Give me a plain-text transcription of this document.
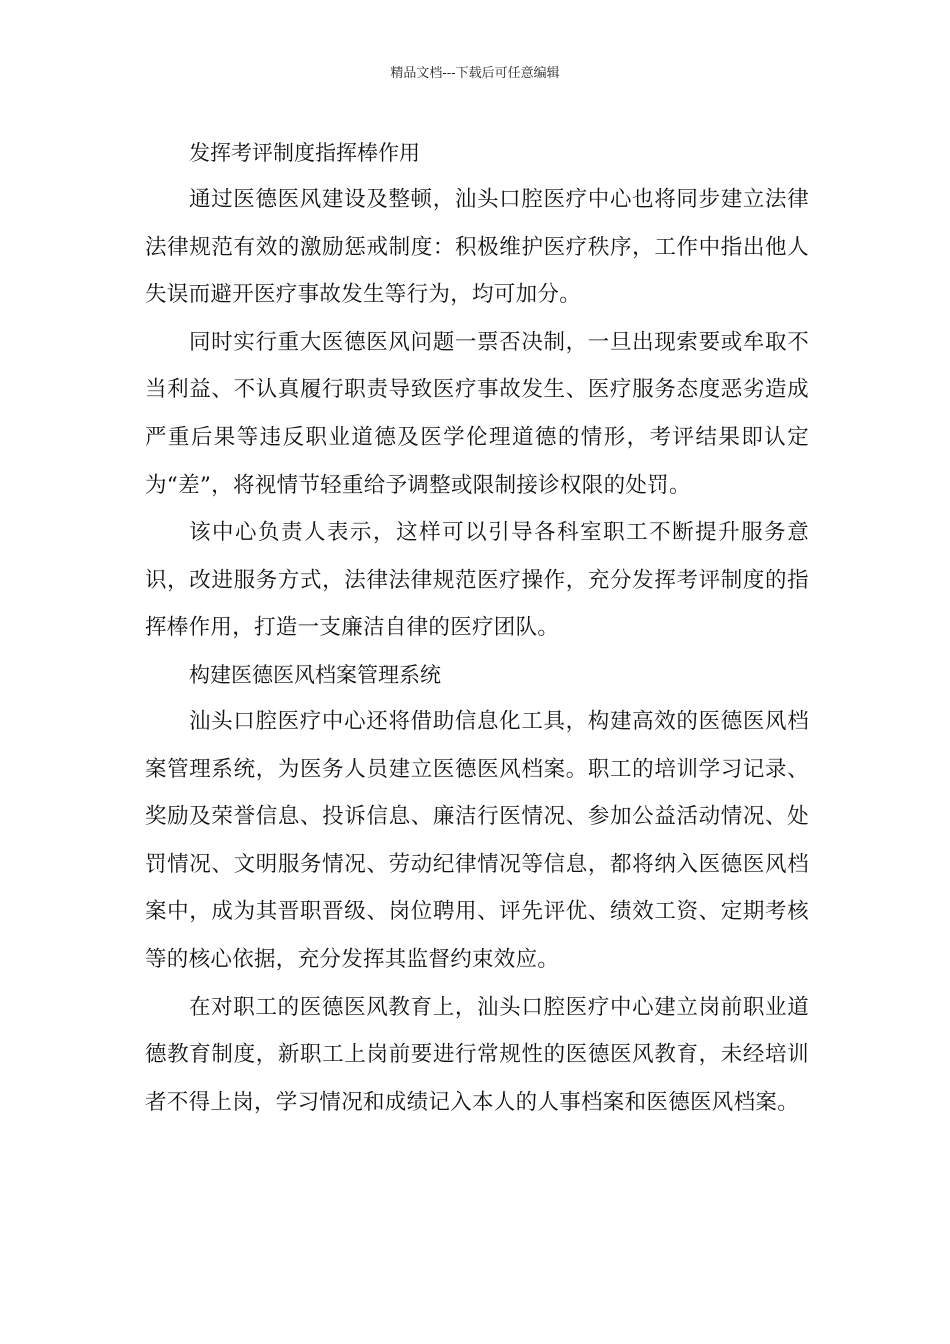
精品文档---下载后可任意编辑

发挥考评制度指挥棒作用

通过医德医风建设及整顿，汕头口腔医疗中心也将同步建立法律法律规范有效的激励惩戒制度：积极维护医疗秩序，工作中指出他人失误而避开医疗事故发生等行为，均可加分。

同时实行重大医德医风问题一票否决制，一旦出现索要或牟取不当利益、不认真履行职责导致医疗事故发生、医疗服务态度恶劣造成严重后果等违反职业道德及医学伦理道德的情形，考评结果即认定为“差”，将视情节轻重给予调整或限制接诊权限的处罚。

该中心负责人表示，这样可以引导各科室职工不断提升服务意识，改进服务方式，法律法律规范医疗操作，充分发挥考评制度的指挥棒作用，打造一支廉洁自律的医疗团队。

构建医德医风档案管理系统

汕头口腔医疗中心还将借助信息化工具，构建高效的医德医风档案管理系统，为医务人员建立医德医风档案。职工的培训学习记录、奖励及荣誉信息、投诉信息、廉洁行医情况、参加公益活动情况、处罚情况、文明服务情况、劳动纪律情况等信息，都将纳入医德医风档案中，成为其晋职晋级、岗位聘用、评先评优、绩效工资、定期考核等的核心依据，充分发挥其监督约束效应。

在对职工的医德医风教育上，汕头口腔医疗中心建立岗前职业道德教育制度，新职工上岗前要进行常规性的医德医风教育，未经培训者不得上岗，学习情况和成绩记入本人的人事档案和医德医风档案。
